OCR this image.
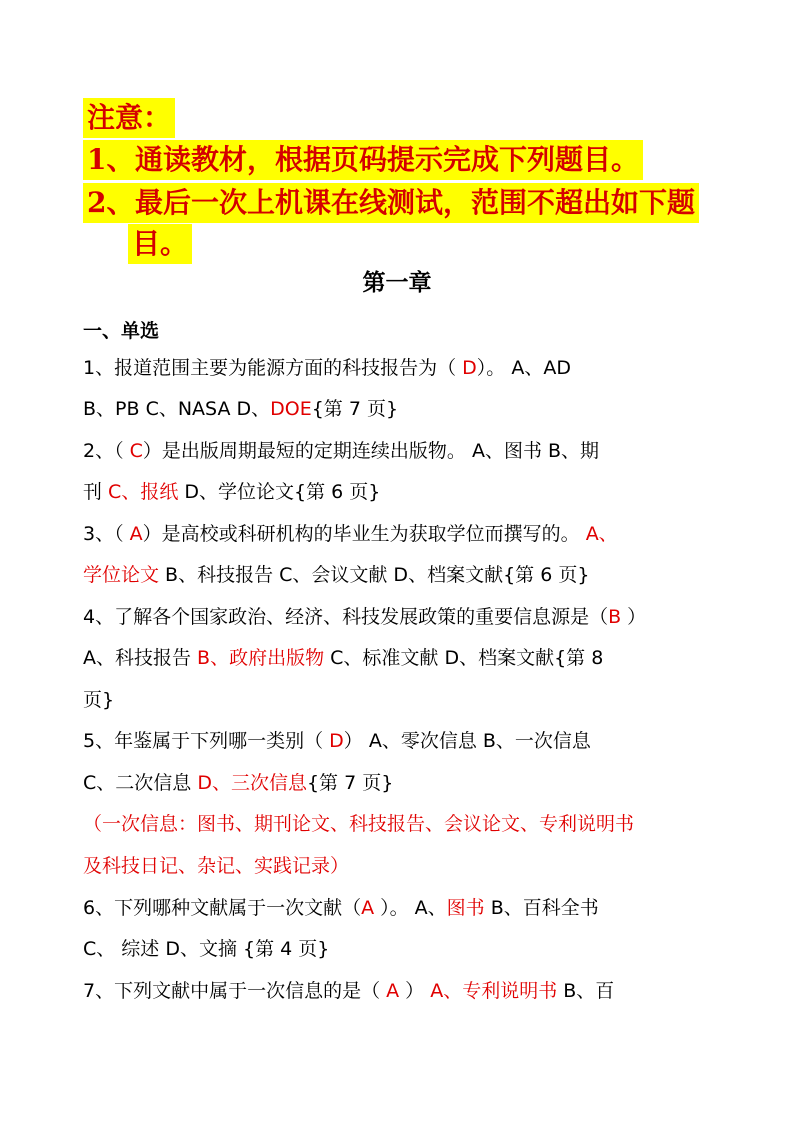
注意：
1、通读教材，根据页码提示完成下列题目。
2、最后一次上机课在线测试，范围不超出如下题
目。
第一章
一、单选
1、报道范围主要为能源方面的科技报告为（ D）。 A、AD
B、PB C、NASA D、DOE{第 7 页}
2、（ C）是出版周期最短的定期连续出版物。 A、图书 B、期
刊 C、报纸 D、学位论文{第 6 页}
3、（ A）是高校或科研机构的毕业生为获取学位而撰写的。 A、
学位论文 B、科技报告 C、会议文献 D、档案文献{第 6 页}
4、了解各个国家政治、经济、科技发展政策的重要信息源是（B ）
A、科技报告 B、政府出版物 C、标准文献 D、档案文献{第 8
页}
5、年鉴属于下列哪一类别（ D） A、零次信息 B、一次信息
C、二次信息 D、三次信息{第 7 页}
（一次信息：图书、期刊论文、科技报告、会议论文、专利说明书
及科技日记、杂记、实践记录）
6、下列哪种文献属于一次文献（A ）。 A、图书 B、百科全书
C、 综述 D、文摘 {第 4 页}
7、下列文献中属于一次信息的是（ A ） A、专利说明书 B、百
